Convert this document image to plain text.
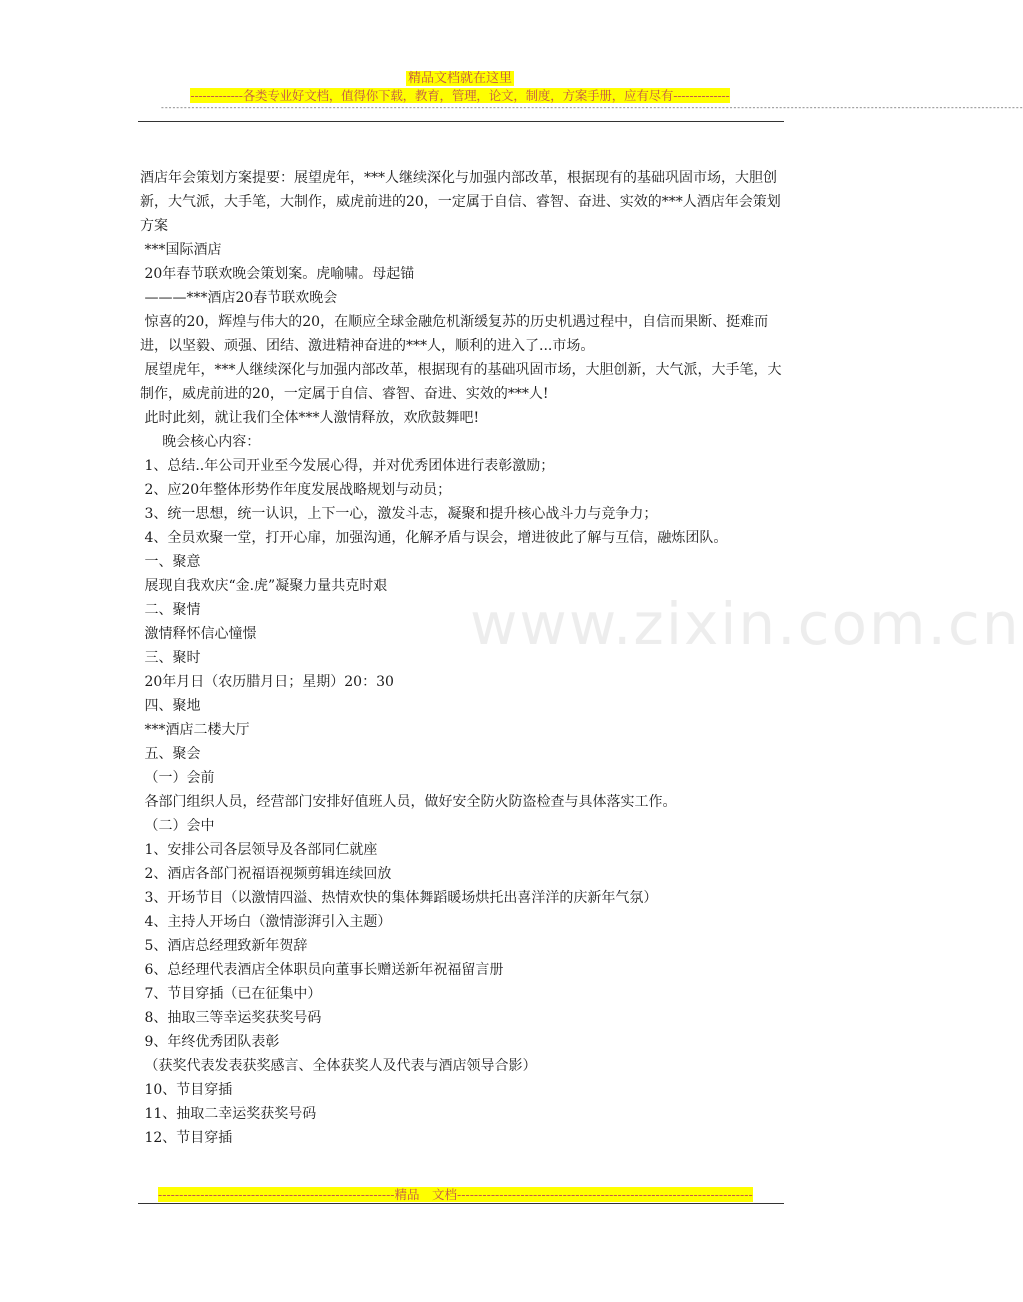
精品文档就在这里
-------------各类专业好文档，值得你下载，教育，管理，论文，制度，方案手册，应有尽有--------------
----------------------------------------------------------------------------------------------------------------------------------------------------------------------------------------------------------------------------------
www.zixin.com.cn

酒店年会策划方案提要：展望虎年，***人继续深化与加强内部改革，根据现有的基础巩固市场，大胆创新，大气派，大手笔，大制作，威虎前进的20，一定属于自信、睿智、奋进、实效的***人酒店年会策划方案

***国际酒店

20年春节联欢晚会策划案。虎喻啸。母起锚

———***酒店20春节联欢晚会

惊喜的20，辉煌与伟大的20，在顺应全球金融危机渐缓复苏的历史机遇过程中，自信而果断、挺难而进，以坚毅、顽强、团结、激进精神奋进的***人，顺利的进入了...市场。

展望虎年，***人继续深化与加强内部改革，根据现有的基础巩固市场，大胆创新，大气派，大手笔，大制作，威虎前进的20，一定属于自信、睿智、奋进、实效的***人!

此时此刻，就让我们全体***人激情释放，欢欣鼓舞吧!

晚会核心内容：

1、总结..年公司开业至今发展心得，并对优秀团体进行表彰激励；

2、应20年整体形势作年度发展战略规划与动员；

3、统一思想，统一认识，上下一心，激发斗志，凝聚和提升核心战斗力与竞争力；

4、全员欢聚一堂，打开心扉，加强沟通，化解矛盾与误会，增进彼此了解与互信，融炼团队。

一、聚意

展现自我欢庆“金.虎”凝聚力量共克时艰

二、聚情

激情释怀信心憧憬

三、聚时

20年月日（农历腊月日；星期）20：30

四、聚地

***酒店二楼大厅

五、聚会

（一）会前

各部门组织人员，经营部门安排好值班人员，做好安全防火防盗检查与具体落实工作。

（二）会中

1、安排公司各层领导及各部同仁就座

2、酒店各部门祝福语视频剪辑连续回放

3、开场节目（以激情四溢、热情欢快的集体舞蹈暖场烘托出喜洋洋的庆新年气氛）

4、主持人开场白（激情澎湃引入主题）

5、酒店总经理致新年贺辞

6、总经理代表酒店全体职员向董事长赠送新年祝福留言册

7、节目穿插（已在征集中）

8、抽取三等幸运奖获奖号码

9、年终优秀团队表彰

（获奖代表发表获奖感言、全体获奖人及代表与酒店领导合影）

10、节目穿插

11、抽取二幸运奖获奖号码

12、节目穿插

--------------------------------------------------------精品　文档----------------------------------------------------------------------
